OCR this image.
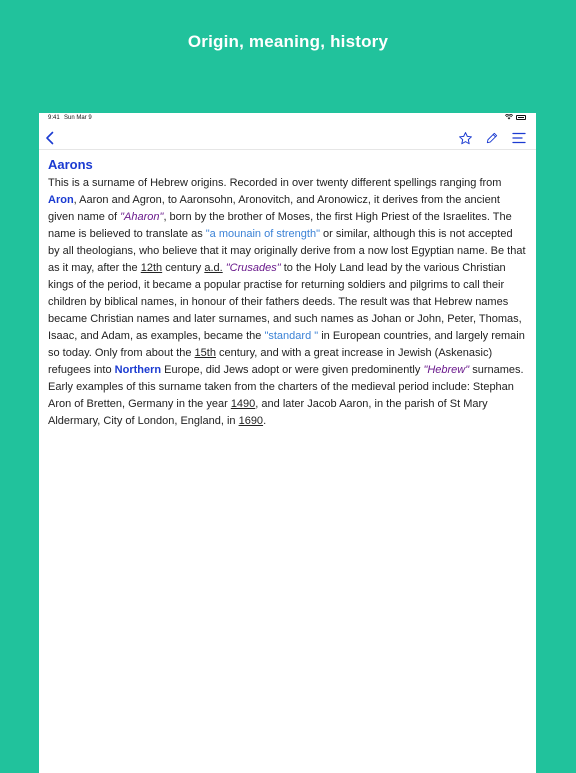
Origin, meaning, history
9:41 Sun Mar 9
Aarons

This is a surname of Hebrew origins. Recorded in over twenty different spellings ranging from Aron, Aaron and Agron, to Aaronsohn, Aronovitch, and Aronowicz, it derives from the ancient given name of "Aharon", born by the brother of Moses, the first High Priest of the Israelites. The name is believed to translate as "a mounain of strength" or similar, although this is not accepted by all theologians, who believe that it may originally derive from a now lost Egyptian name. Be that as it may, after the 12th century a.d. "Crusades" to the Holy Land lead by the various Christian kings of the period, it became a popular practise for returning soldiers and pilgrims to call their children by biblical names, in honour of their fathers deeds. The result was that Hebrew names became Christian names and later surnames, and such names as Johan or John, Peter, Thomas, Isaac, and Adam, as examples, became the "standard " in European countries, and largely remain so today. Only from about the 15th century, and with a great increase in Jewish (Askenasic) refugees into Northern Europe, did Jews adopt or were given predominently "Hebrew" surnames. Early examples of this surname taken from the charters of the medieval period include: Stephan Aron of Bretten, Germany in the year 1490, and later Jacob Aaron, in the parish of St Mary Aldermary, City of London, England, in 1690.
